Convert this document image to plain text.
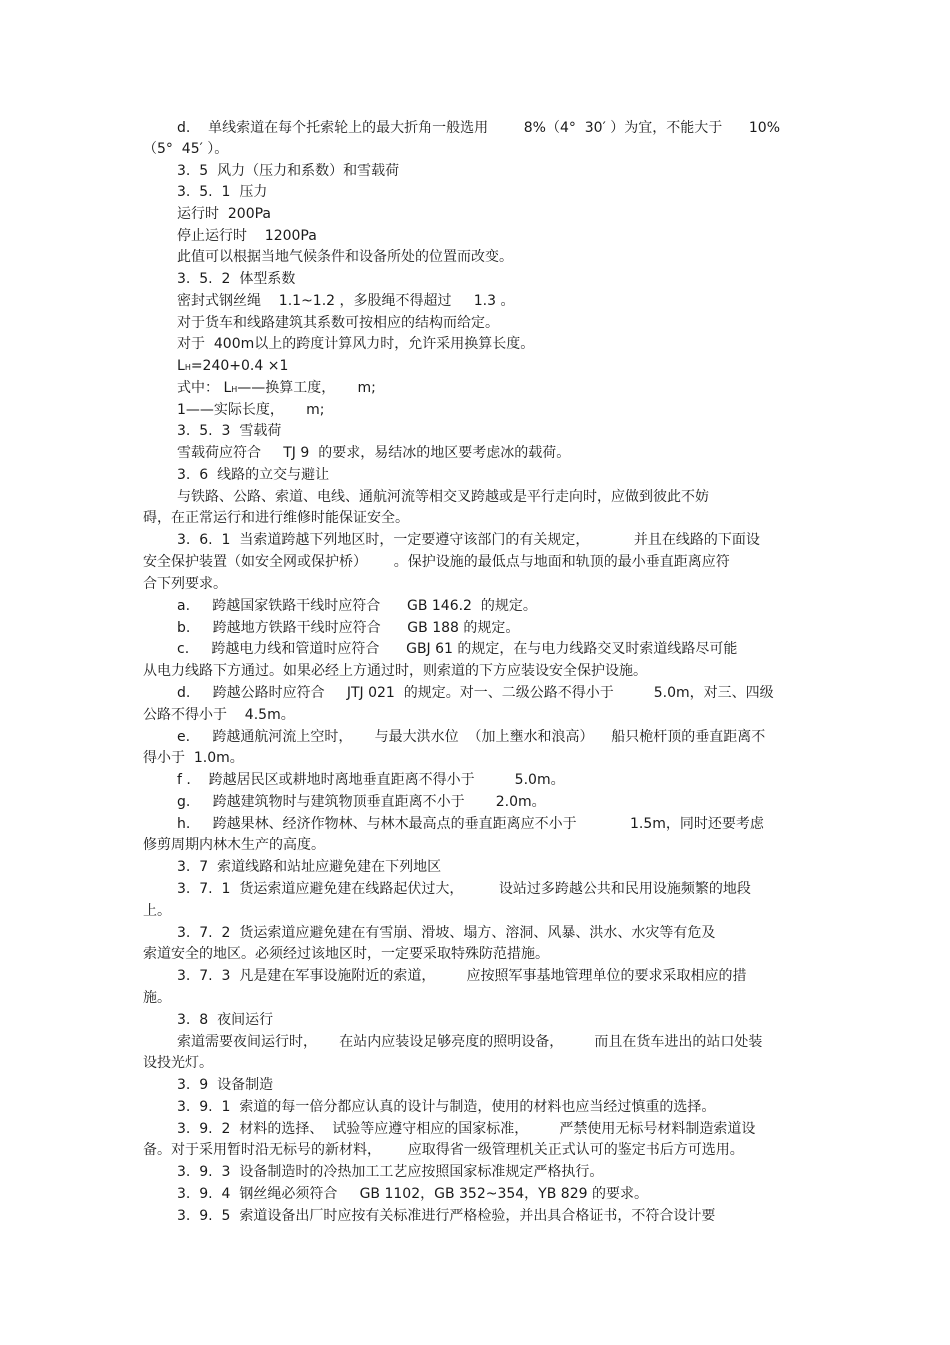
d.    单线索道在每个托索轮上的最大折角一般选用        8%（4°  30′ ）为宜，不能大于      10%
（5°  45′ ）。
3.  5  风力（压力和系数）和雪载荷
3.  5.  1  压力
运行时  200Pa
停止运行时    1200Pa
此值可以根据当地气候条件和设备所处的位置而改变。
3.  5.  2  体型系数
密封式钢丝绳    1.1~1.2 ，多股绳不得超过     1.3 。
对于货车和线路建筑其系数可按相应的结构而给定。
对于  400m以上的跨度计算风力时，允许采用换算长度。
LH=240+0.4 ×1
式中： LH——换算工度，     m;
1——实际长度，     m;
3.  5.  3  雪载荷
雪载荷应符合     TJ 9  的要求，易结冰的地区要考虑冰的载荷。
3.  6  线路的立交与避让
与铁路、公路、索道、电线、通航河流等相交叉跨越或是平行走向时，应做到彼此不妨
碍，在正常运行和进行维修时能保证安全。
3.  6.  1  当索道跨越下列地区时，一定要遵守该部门的有关规定，          并且在线路的下面设
安全保护装置（如安全网或保护桥）      。保护设施的最低点与地面和轨顶的最小垂直距离应符
合下列要求。
a.     跨越国家铁路干线时应符合      GB 146.2  的规定。
b.     跨越地方铁路干线时应符合      GB 188 的规定。
c.     跨越电力线和管道时应符合      GBJ 61 的规定，在与电力线路交叉时索道线路尽可能
从电力线路下方通过。如果必经上方通过时，则索道的下方应装设安全保护设施。
d.     跨越公路时应符合     JTJ 021  的规定。对一、二级公路不得小于         5.0m，对三、四级
公路不得小于    4.5m。
e.     跨越通航河流上空时，     与最大洪水位  （加上壅水和浪高）    船只桅杆顶的垂直距离不
得小于  1.0m。
f .    跨越居民区或耕地时离地垂直距离不得小于         5.0m。
g.     跨越建筑物时与建筑物顶垂直距离不小于       2.0m。
h.     跨越果林、经济作物林、与林木最高点的垂直距离应不小于            1.5m，同时还要考虑
修剪周期内林木生产的高度。
3.  7  索道线路和站址应避免建在下列地区
3.  7.  1  货运索道应避免建在线路起伏过大，        设站过多跨越公共和民用设施频繁的地段
上。
3.  7.  2  货运索道应避免建在有雪崩、滑坡、塌方、溶洞、风暴、洪水、水灾等有危及
索道安全的地区。必须经过该地区时，一定要采取特殊防范措施。
3.  7.  3  凡是建在军事设施附近的索道，       应按照军事基地管理单位的要求采取相应的措
施。
3.  8  夜间运行
索道需要夜间运行时，     在站内应装设足够亮度的照明设备，       而且在货车进出的站口处装
设投光灯。
3.  9  设备制造
3.  9.  1  索道的每一倍分都应认真的设计与制造，使用的材料也应当经过慎重的选择。
3.  9.  2  材料的选择、  试验等应遵守相应的国家标准，       严禁使用无标号材料制造索道设
备。对于采用暂时沿无标号的新材料，      应取得省一级管理机关正式认可的鉴定书后方可选用。
3.  9.  3  设备制造时的冷热加工工艺应按照国家标准规定严格执行。
3.  9.  4  钢丝绳必须符合     GB 1102，GB 352~354，YB 829 的要求。
3.  9.  5  索道设备出厂时应按有关标准进行严格检验，并出具合格证书，不符合设计要
